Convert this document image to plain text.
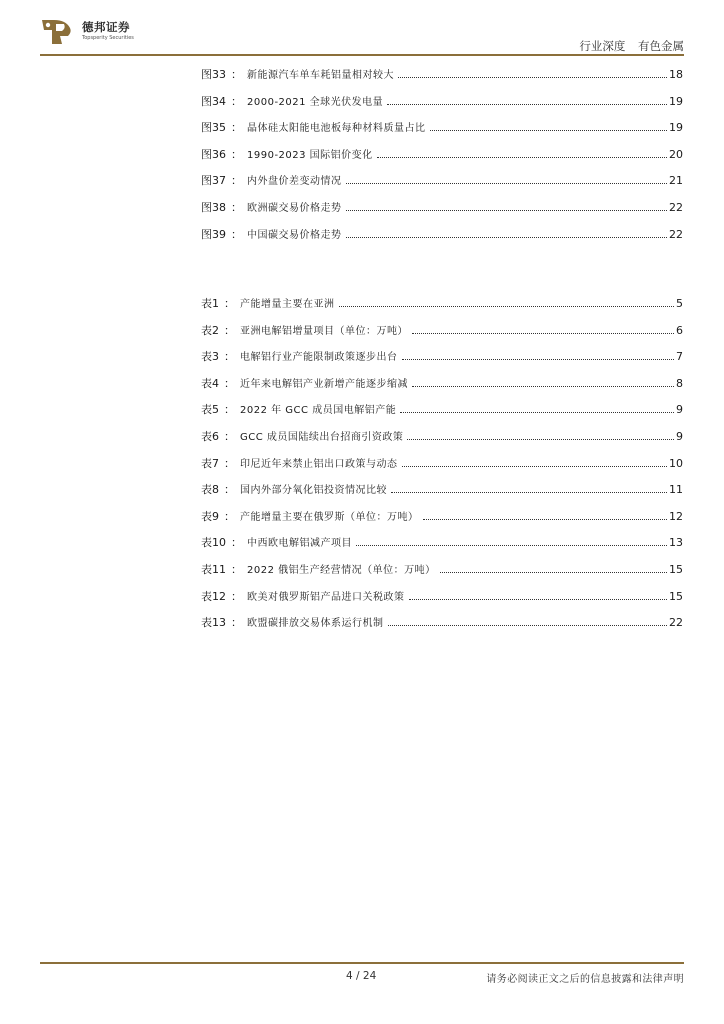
德邦证券
Topsperity Securities
行业深度 有色金属
图 33 ： 新能源汽车单车耗铝量相对较大	18
图 34 ： 2000-2021 全球光伏发电量	19
图 35 ： 晶体硅太阳能电池板每种材料质量占比	19
图 36 ： 1990-2023 国际铝价变化	20
图 37 ： 内外盘价差变动情况	21
图 38 ： 欧洲碳交易价格走势	22
图 39 ： 中国碳交易价格走势	22
表 1 ： 产能增量主要在亚洲	5
表 2 ： 亚洲电解铝增量项目（单位：万吨）	6
表 3 ： 电解铝行业产能限制政策逐步出台	7
表 4 ： 近年来电解铝产业新增产能逐步缩减	8
表 5 ： 2022 年 GCC 成员国电解铝产能	9
表 6 ： GCC 成员国陆续出台招商引资政策	9
表 7 ： 印尼近年来禁止铝出口政策与动态	10
表 8 ： 国内外部分氧化铝投资情况比较	11
表 9 ： 产能增量主要在俄罗斯（单位：万吨）	12
表 10 ： 中西欧电解铝减产项目	13
表 11 ： 2022 俄铝生产经营情况（单位：万吨）	15
表 12 ： 欧美对俄罗斯铝产品进口关税政策	15
表 13 ： 欧盟碳排放交易体系运行机制	22
4 / 24	请务必阅读正文之后的信息披露和法律声明
